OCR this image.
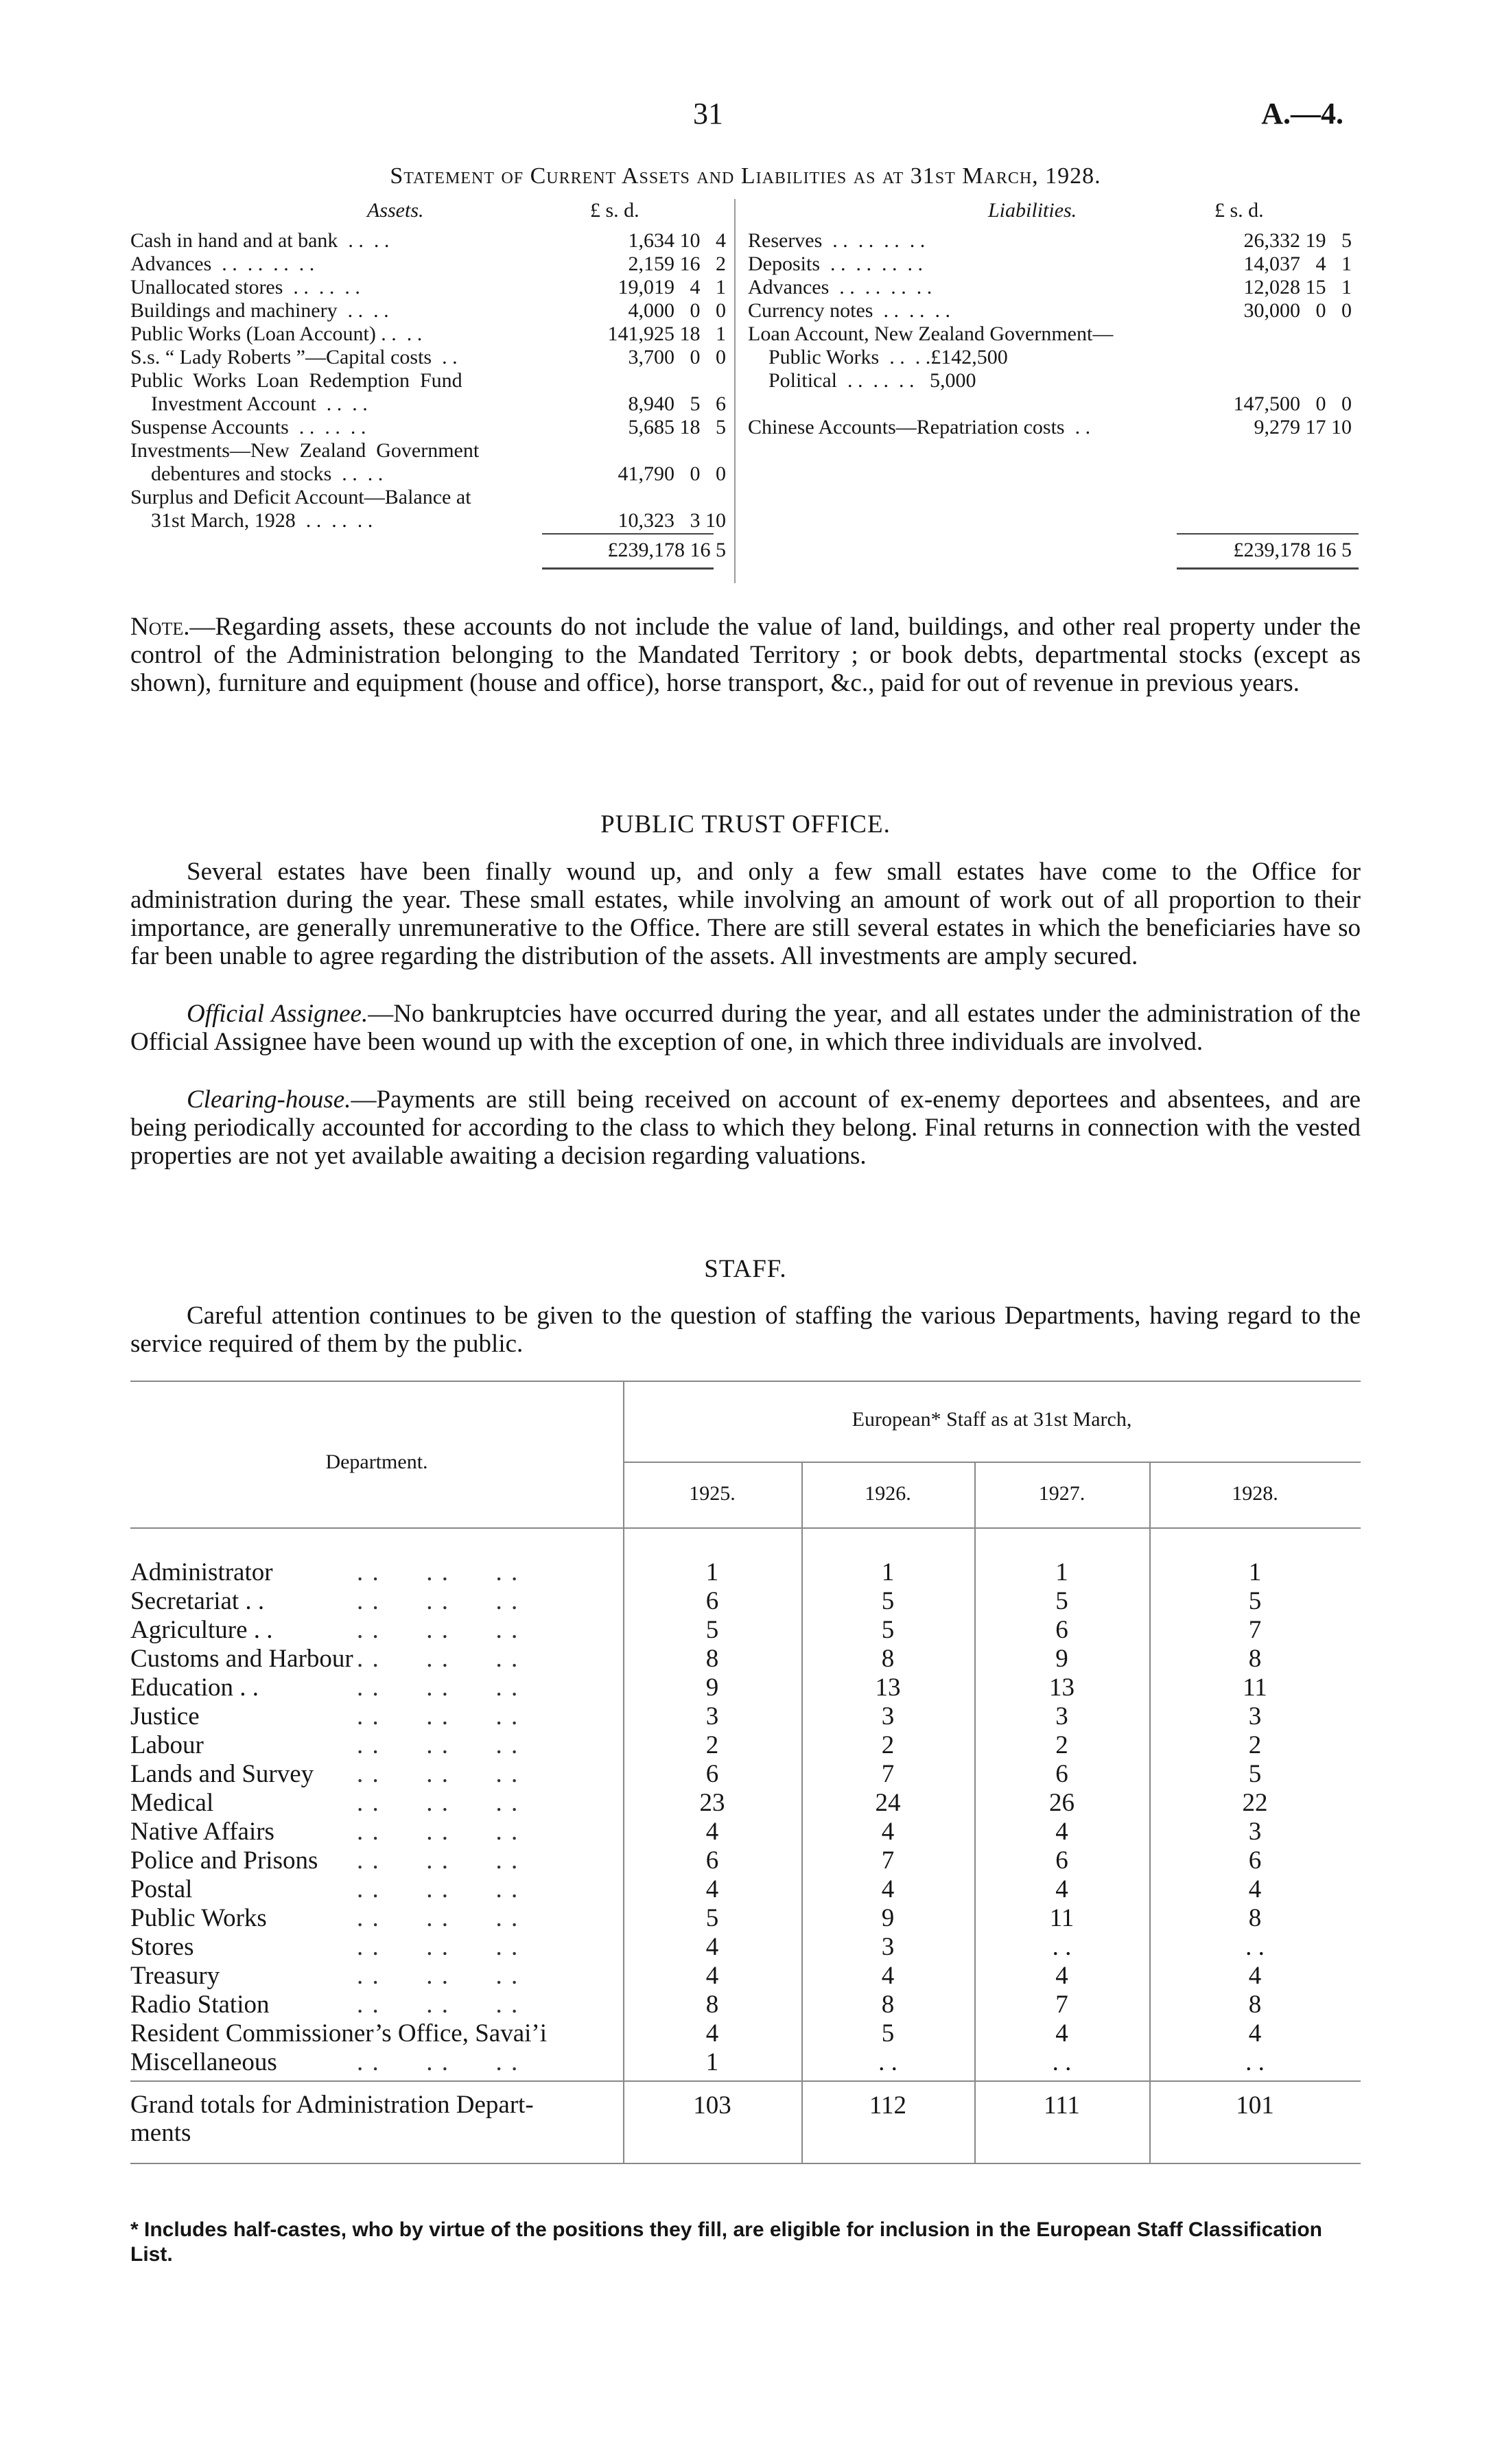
31	A.—4.
Statement of Current Assets and Liabilities as at 31st March, 1928.
Assets.	£ s. d.	Liabilities.	£ s. d.
Cash in hand and at bank  . .  . .	1,634 10   4
Advances  . .  . .  . .  . .	2,159 16   2
Unallocated stores  . .  . .  . .	19,019   4   1
Buildings and machinery  . .  . .	4,000   0   0
Public Works (Loan Account) . .  . .	141,925 18   1
S.s. “ Lady Roberts ”—Capital costs  . .	3,700   0   0
Public  Works  Loan  Redemption  Fund
Investment Account  . .  . .	8,940   5   6
Suspense Accounts  . .  . .  . .	5,685 18   5
Investments—New  Zealand  Government
debentures and stocks  . .  . .	41,790   0   0
Surplus and Deficit Account—Balance at
31st March, 1928  . .  . .  . .	10,323   3 10
Reserves  . .  . .  . .  . .	26,332 19   5
Deposits  . .  . .  . .  . .	14,037   4   1
Advances  . .  . .  . .  . .	12,028 15   1
Currency notes  . .  . .  . .	30,000   0   0
Loan Account, New Zealand Government—
Public Works  . .  . .£142,500
Political  . .  . .  . .   5,000
147,500   0   0
Chinese Accounts—Repatriation costs  . .	9,279 17 10
£239,178 16 5	£239,178 16 5
Note.—Regarding assets, these accounts do not include the value of land, buildings, and other real property under the control of the Administration belonging to the Mandated Territory ; or book debts, departmental stocks (except as shown), furniture and equipment (house and office), horse transport, &c., paid for out of revenue in previous years.
PUBLIC TRUST OFFICE.

Several estates have been finally wound up, and only a few small estates have come to the Office for administration during the year. These small estates, while involving an amount of work out of all proportion to their importance, are generally unremunerative to the Office. There are still several estates in which the beneficiaries have so far been unable to agree regarding the distribution of the assets. All investments are amply secured.

Official Assignee.—No bankruptcies have occurred during the year, and all estates under the administration of the Official Assignee have been wound up with the exception of one, in which three individuals are involved.

Clearing-house.—Payments are still being received on account of ex-enemy deportees and absentees, and are being periodically accounted for according to the class to which they belong. Final returns in connection with the vested properties are not yet available awaiting a decision regarding valuations.

STAFF.

Careful attention continues to be given to the question of staffing the various Departments, having regard to the service required of them by the public.

Department.
European* Staff as at 31st March,
1925.	1926.	1927.	1928.
Administrator	. .      . .      . .	1	1	1	1
Secretariat . .	. .      . .      . .	6	5	5	5
Agriculture . .	. .      . .      . .	5	5	6	7
Customs and Harbour . .      . .      . .	8	8	9	8
Education . .	. .      . .      . .	9	13	13	11
Justice	. .      . .      . .	3	3	3	3
Labour	. .      . .      . .	2	2	2	2
Lands and Survey . .      . .      . .	6	7	6	5
Medical	. .      . .      . .	23	24	26	22
Native Affairs	. .      . .      . .	4	4	4	3
Police and Prisons . .      . .      . .	6	7	6	6
Postal	. .      . .      . .	4	4	4	4
Public Works	. .      . .      . .	5	9	11	8
Stores	. .      . .      . .	4	3	. .	. .
Treasury	. .      . .      . .	4	4	4	4
Radio Station	. .      . .      . .	8	8	7	8
Resident Commissioner’s Office, Savai’i	4	5	4	4
Miscellaneous	. .      . .      . .	1	. .	. .	. .
Grand totals for Administration Depart-
ments
103	112	111	101
* Includes half-castes, who by virtue of the positions they fill, are eligible for inclusion in the European Staff Classification List.
